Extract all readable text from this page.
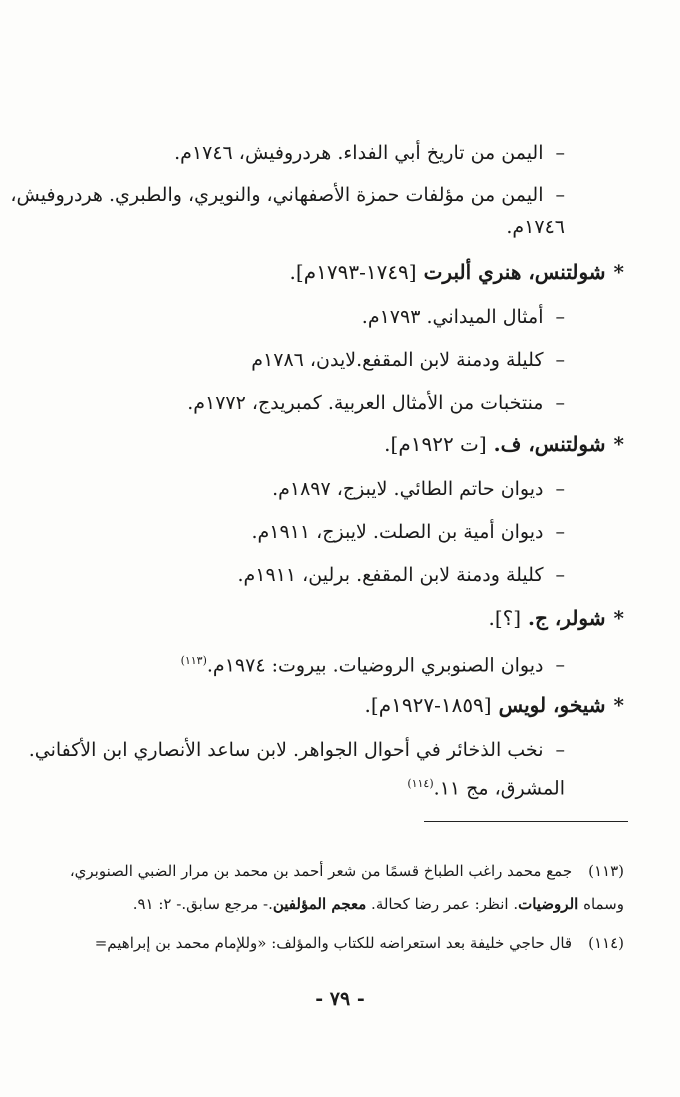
–اليمن من تاريخ أبي الفداء. هردروفيش، ١٧٤٦م.
–اليمن من مؤلفات حمزة الأصفهاني، والنويري، والطبري. هردروفيش،
١٧٤٦م.
*شولتنس، هنري ألبرت [١٧٤٩-١٧٩٣م].
–أمثال الميداني. ١٧٩٣م.
–كليلة ودمنة لابن المقفع.لايدن، ١٧٨٦م
–منتخبات من الأمثال العربية. كمبريدج، ١٧٧٢م.
*شولتنس، ف. [ت ١٩٢٢م].
–ديوان حاتم الطائي. لايبزج، ١٨٩٧م.
–ديوان أمية بن الصلت. لايبزج، ١٩١١م.
–كليلة ودمنة لابن المقفع. برلين، ١٩١١م.
*شولر، ج. [؟].
–ديوان الصنوبري الروضيات. بيروت: ١٩٧٤م.$^{(١١٣)}$
*شيخو، لويس [١٨٥٩-١٩٢٧م].
–نخب الذخائر في أحوال الجواهر. لابن ساعد الأنصاري ابن الأكفاني.
المشرق، مج ١١.$^{(١١٤)}$
(١١٣)جمع محمد راغب الطباخ قسمًا من شعر أحمد بن محمد بن مرار الضبي الصنوبري،
وسماه الروضيات. انظر: عمر رضا كحالة. معجم المؤلفين.- مرجع سابق.- ٢: ٩١.
(١١٤)قال حاجي خليفة بعد استعراضه للكتاب والمؤلف: «وللإمام محمد بن إبراهيم=
- ٧٩ -
